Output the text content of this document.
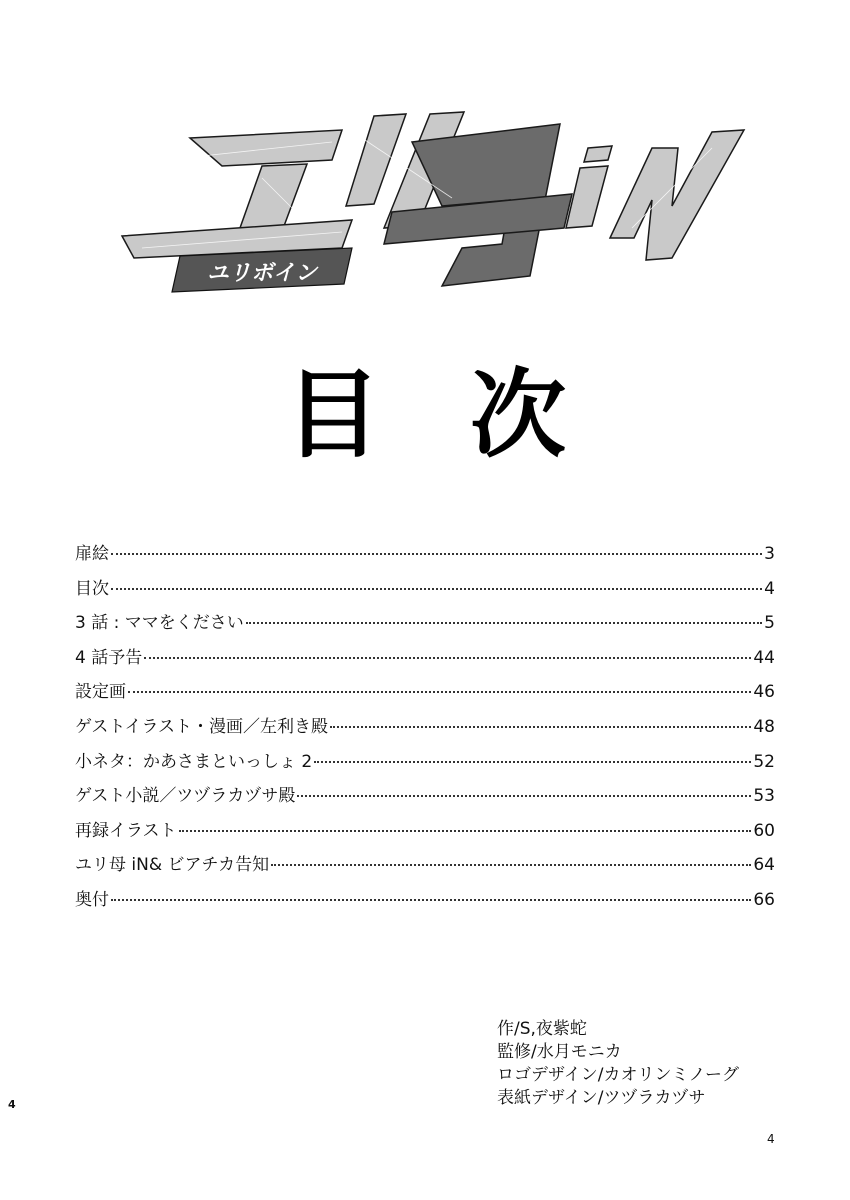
ユリボイン
目 次
扉絵	3
目次	4
3 話 : ママをください	5
4 話予告	44
設定画	46
ゲストイラスト・漫画／左利き殿	48
小ネタ：かあさまといっしょ 2	52
ゲスト小説／ツヅラカヅサ殿	53
再録イラスト	60
ユリ母 iN& ビアチカ告知	64
奥付	66
作/S,夜紫蛇
監修/水月モニカ
ロゴデザイン/カオリンミノーグ
表紙デザイン/ツヅラカヅサ
4
4
